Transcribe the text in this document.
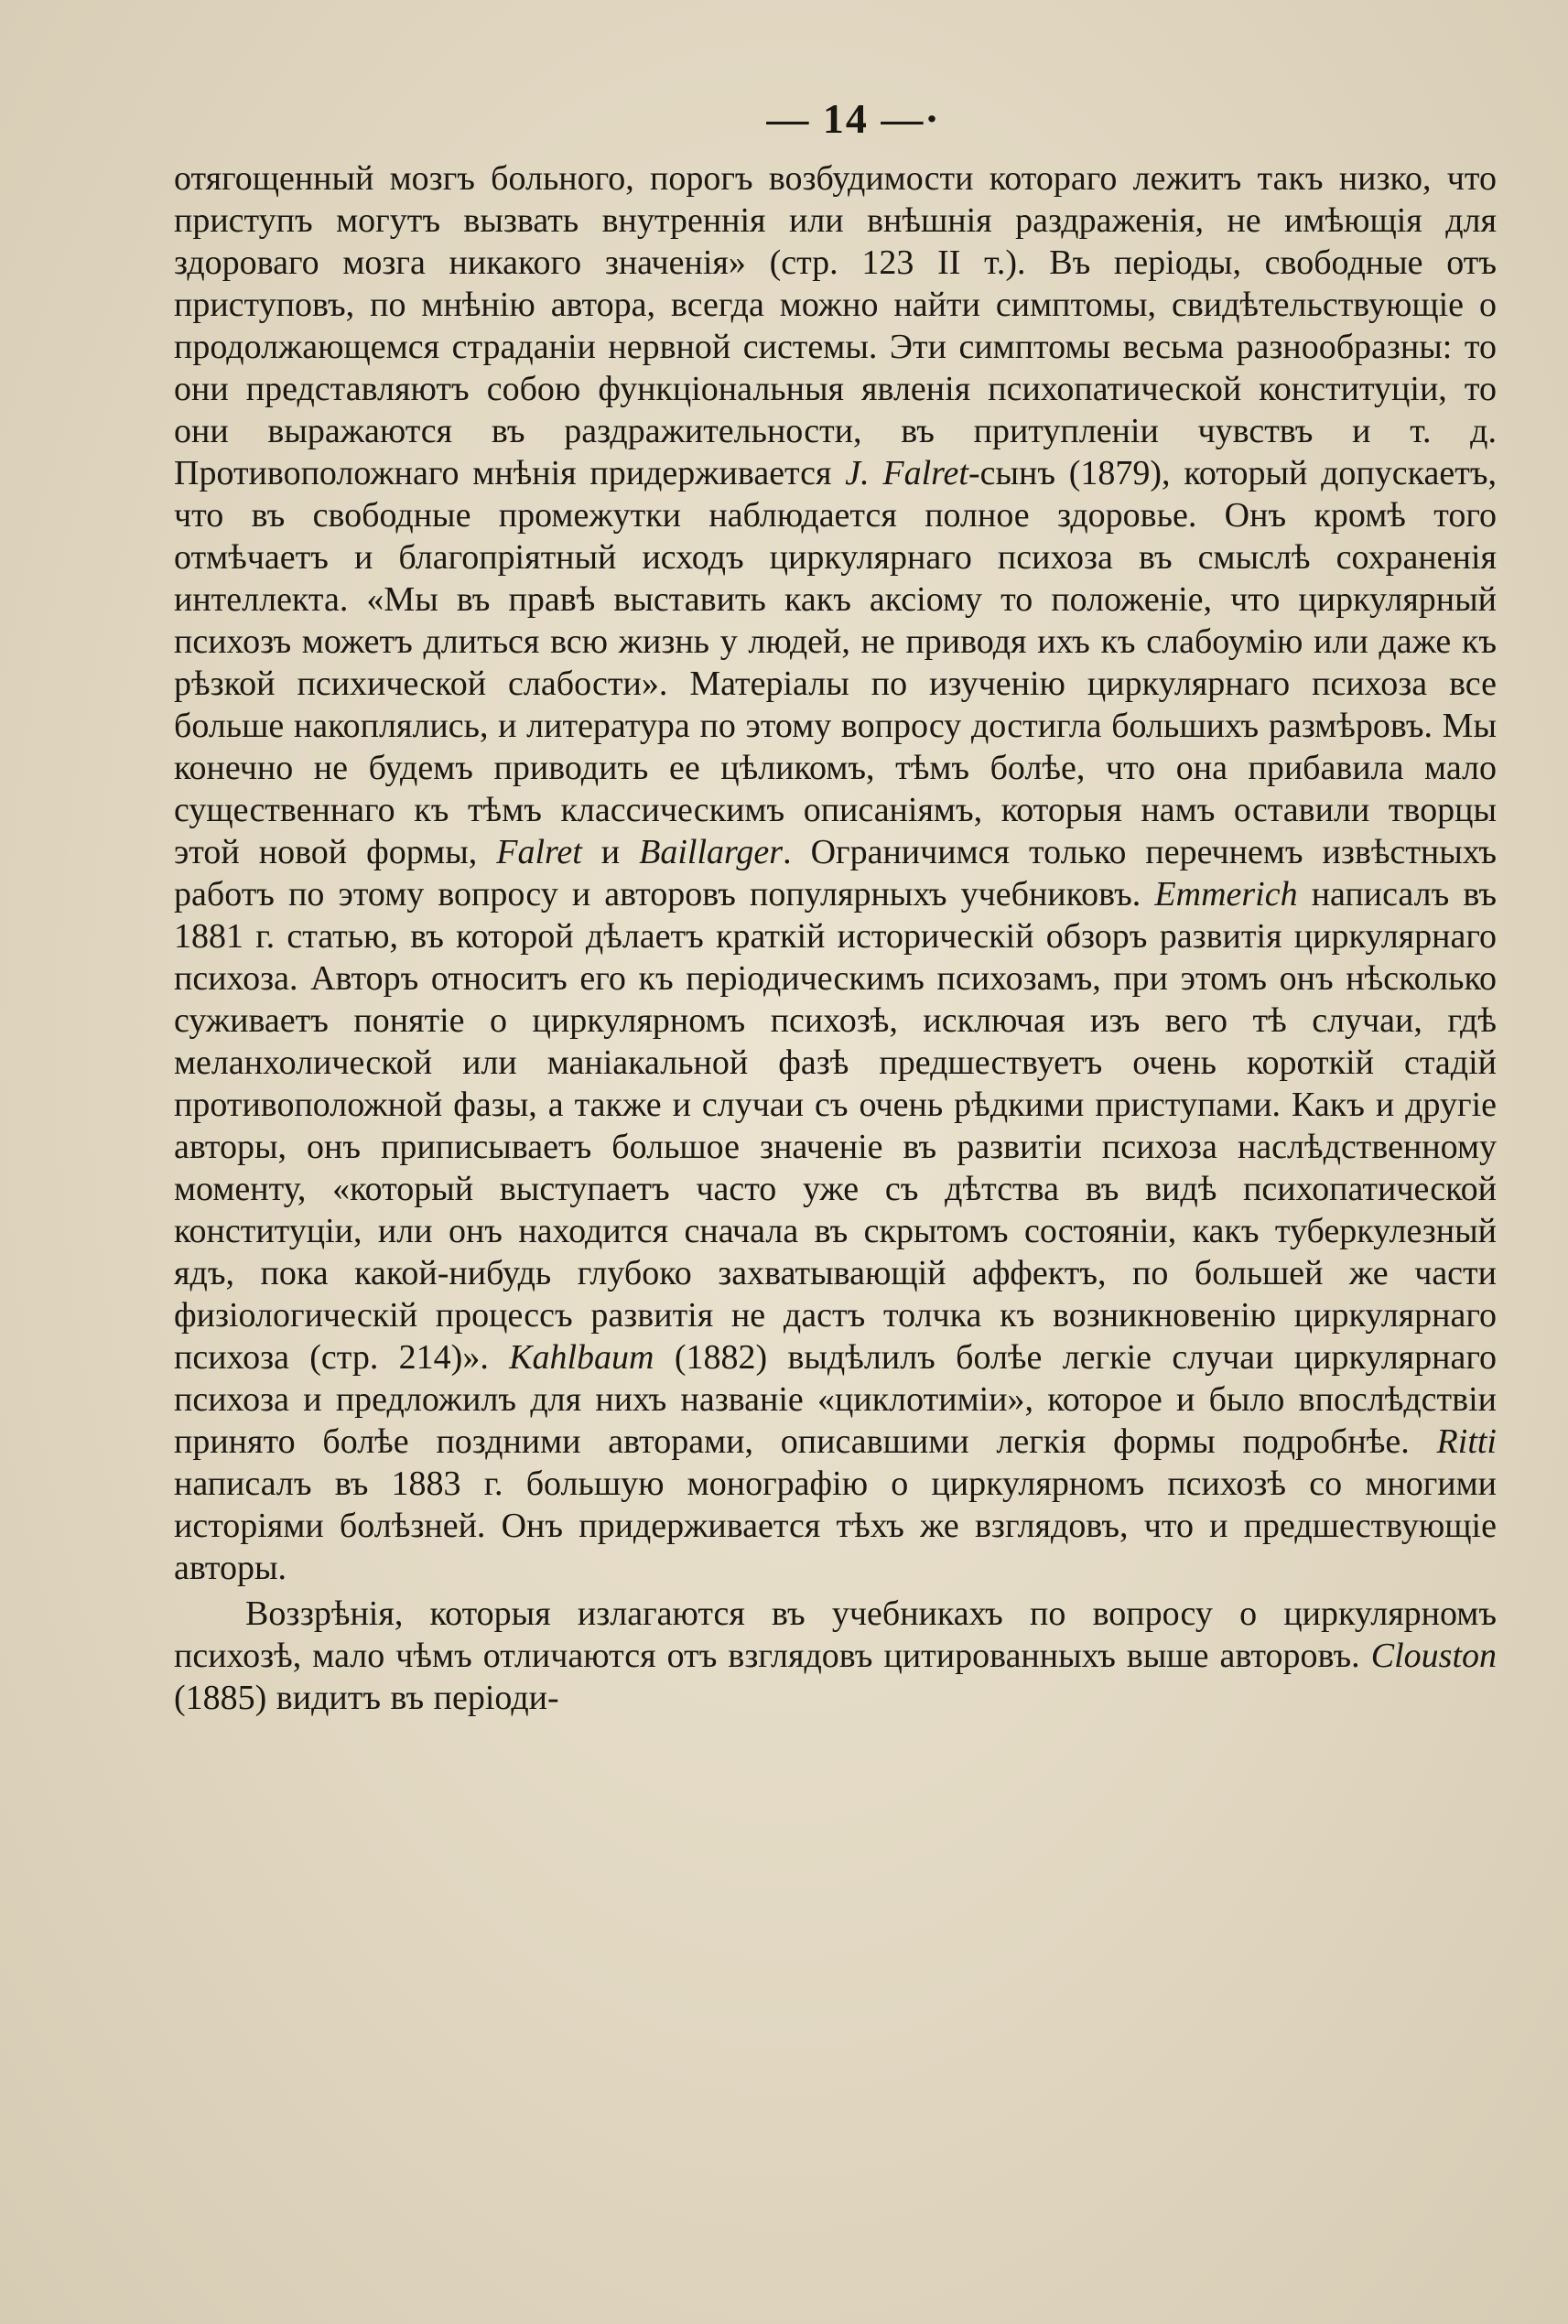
— 14 —·

отягощенный мозгъ больного, порогъ возбудимости котораго лежитъ такъ низко, что приступъ могутъ вызвать внутреннія или внѣшнія раздраженія, не имѣющія для здороваго мозга никакого значенія» (стр. 123 II т.). Въ періоды, свободные отъ приступовъ, по мнѣнію автора, всегда можно найти симптомы, свидѣтельствующіе о продолжающемся страданіи нервной системы. Эти симптомы весьма разнообразны: то они представляютъ собою функціональныя явленія психопатической конституціи, то они выражаются въ раздражительности, въ притупленіи чувствъ и т. д. Противоположнаго мнѣнія придерживается J. Falret-сынъ (1879), который допускаетъ, что въ свободные промежутки наблюдается полное здоровье. Онъ кромѣ того отмѣчаетъ и благопріятный исходъ циркулярнаго психоза въ смыслѣ сохраненія интеллекта. «Мы въ правѣ выставить какъ аксіому то положеніе, что циркулярный психозъ можетъ длиться всю жизнь у людей, не приводя ихъ къ слабоумію или даже къ рѣзкой психической слабости». Матеріалы по изученію циркулярнаго психоза все больше накоплялись, и литература по этому вопросу достигла большихъ размѣровъ. Мы конечно не будемъ приводить ее цѣликомъ, тѣмъ болѣе, что она прибавила мало существеннаго къ тѣмъ классическимъ описаніямъ, которыя намъ оставили творцы этой новой формы, Falret и Baillarger. Ограничимся только перечнемъ извѣстныхъ работъ по этому вопросу и авторовъ популярныхъ учебниковъ. Emmerich написалъ въ 1881 г. статью, въ которой дѣлаетъ краткій историческій обзоръ развитія циркулярнаго психоза. Авторъ относитъ его къ періодическимъ психозамъ, при этомъ онъ нѣсколько суживаетъ понятіе о циркулярномъ психозѣ, исключая изъ вего тѣ случаи, гдѣ меланхолической или маніакальной фазѣ предшествуетъ очень короткій стадій противоположной фазы, а также и случаи съ очень рѣдкими приступами. Какъ и другіе авторы, онъ приписываетъ большое значеніе въ развитіи психоза наслѣдственному моменту, «который выступаетъ часто уже съ дѣтства въ видѣ психопатической конституціи, или онъ находится сначала въ скрытомъ состояніи, какъ туберкулезный ядъ, пока какой-нибудь глубоко захватывающій аффектъ, по большей же части физіологическій процессъ развитія не дастъ толчка къ возникновенію циркулярнаго психоза (стр. 214)». Kahlbaum (1882) выдѣлилъ болѣе легкіе случаи циркулярнаго психоза и предложилъ для нихъ названіе «циклотиміи», которое и было впослѣдствіи принято болѣе поздними авторами, описавшими легкія формы подробнѣе. Ritti написалъ въ 1883 г. большую монографію о циркулярномъ психозѣ со многими исторіями болѣзней. Онъ придерживается тѣхъ же взглядовъ, что и предшествующіе авторы.

Воззрѣнія, которыя излагаются въ учебникахъ по вопросу о циркулярномъ психозѣ, мало чѣмъ отличаются отъ взглядовъ цитированныхъ выше авторовъ. Clouston (1885) видитъ въ періоди-
